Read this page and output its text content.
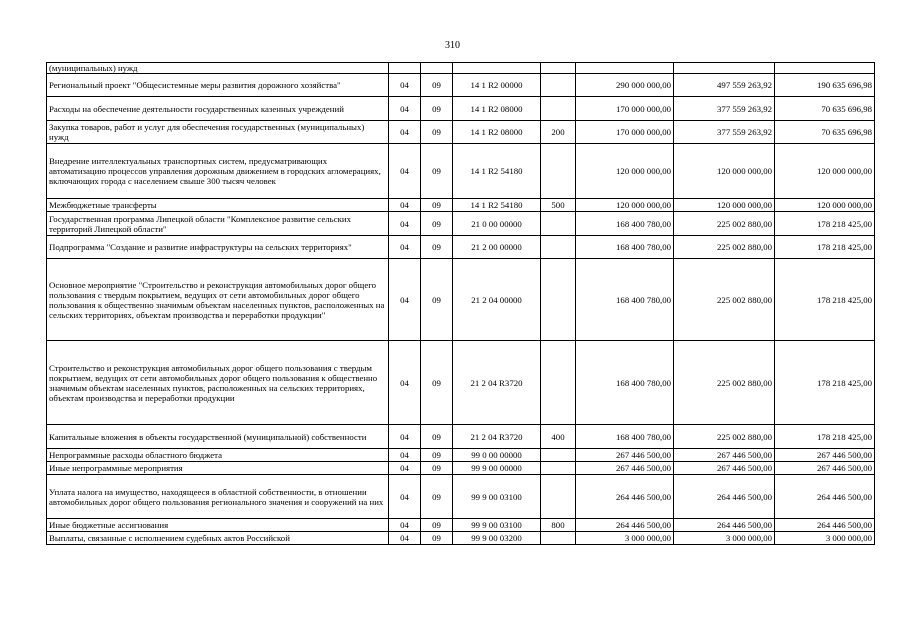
310
(муниципальных) нужд							
Региональный проект "Общесистемные меры развития дорожного хозяйства"	04	09	14 1 R2 00000		290 000 000,00	497 559 263,92	190 635 696,98
Расходы на обеспечение деятельности государственных казенных учреждений	04	09	14 1 R2 08000		170 000 000,00	377 559 263,92	70 635 696,98
Закупка товаров, работ и услуг для обеспечения государственных (муниципальных) нужд	04	09	14 1 R2 08000	200	170 000 000,00	377 559 263,92	70 635 696,98
Внедрение интеллектуальных транспортных систем, предусматривающих автоматизацию процессов управления дорожным движением в городских агломерациях, включающих города с населением свыше 300 тысяч человек	04	09	14 1 R2 54180		120 000 000,00	120 000 000,00	120 000 000,00
Межбюджетные трансферты	04	09	14 1 R2 54180	500	120 000 000,00	120 000 000,00	120 000 000,00
Государственная программа Липецкой области "Комплексное развитие сельских территорий Липецкой области"	04	09	21 0 00 00000		168 400 780,00	225 002 880,00	178 218 425,00
Подпрограмма "Создание и развитие инфраструктуры на сельских территориях"	04	09	21 2 00 00000		168 400 780,00	225 002 880,00	178 218 425,00
Основное мероприятие "Строительство и реконструкция автомобильных дорог общего пользования с твердым покрытием, ведущих от сети автомобильных дорог общего пользования к общественно значимым объектам населенных пунктов, расположенных на сельских территориях, объектам производства и переработки продукции"	04	09	21 2 04 00000		168 400 780,00	225 002 880,00	178 218 425,00
Строительство и реконструкция автомобильных дорог общего пользования с твердым покрытием, ведущих от сети автомобильных дорог общего пользования к общественно значимым объектам населенных пунктов, расположенных на сельских территориях, объектам производства и переработки продукции	04	09	21 2 04 R3720		168 400 780,00	225 002 880,00	178 218 425,00
Капитальные вложения в объекты государственной (муниципальной) собственности	04	09	21 2 04 R3720	400	168 400 780,00	225 002 880,00	178 218 425,00
Непрограммные расходы областного бюджета	04	09	99 0 00 00000		267 446 500,00	267 446 500,00	267 446 500,00
Иные непрограммные мероприятия	04	09	99 9 00 00000		267 446 500,00	267 446 500,00	267 446 500,00
Уплата налога на имущество, находящееся в областной собственности, в отношении автомобильных дорог общего пользования регионального значения и сооружений на них	04	09	99 9 00 03100		264 446 500,00	264 446 500,00	264 446 500,00
Иные бюджетные ассигнования	04	09	99 9 00 03100	800	264 446 500,00	264 446 500,00	264 446 500,00
Выплаты, связанные с исполнением судебных актов Российской	04	09	99 9 00 03200		3 000 000,00	3 000 000,00	3 000 000,00
